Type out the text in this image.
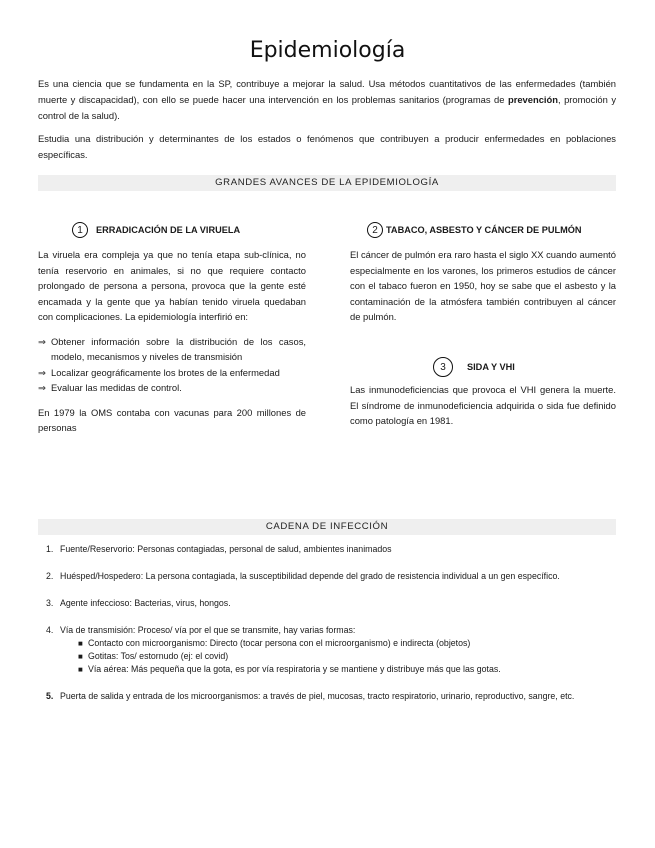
Epidemiología
Es una ciencia que se fundamenta en la SP, contribuye a mejorar la salud. Usa métodos cuantitativos de las enfermedades (también muerte y discapacidad), con ello se puede hacer una intervención en los problemas sanitarios (programas de prevención, promoción y control de la salud).
Estudia una distribución y determinantes de los estados o fenómenos que contribuyen a producir enfermedades en poblaciones específicas.
GRANDES AVANCES DE LA EPIDEMIOLOGÍA
1	ERRADICACIÓN DE LA VIRUELA

La viruela era compleja ya que no tenía etapa sub-clínica, no tenía reservorio en animales, si no que requiere contacto prolongado de persona a persona, provoca que la gente esté encamada y la gente que ya habían tenido viruela quedaban con complicaciones. La epidemiología interfirió en:

⇒ Obtener información sobre la distribución de los casos, modelo, mecanismos y niveles de transmisión
⇒ Localizar geográficamente los brotes de la enfermedad
⇒ Evaluar las medidas de control.

En 1979 la OMS contaba con vacunas para 200 millones de personas

2 TABACO, ASBESTO Y CÁNCER DE PULMÓN
El cáncer de pulmón era raro hasta el siglo XX cuando aumentó especialmente en los varones, los primeros estudios de cáncer con el tabaco fueron en 1950, hoy se sabe que el asbesto y la contaminación de la atmósfera también contribuyen al cáncer de pulmón.
3	SIDA Y VHI
Las inmunodeficiencias que provoca el VHI genera la muerte. El síndrome de inmunodeficiencia adquirida o sida fue definido como patología en 1981.
CADENA DE INFECCIÓN
1. Fuente/Reservorio: Personas contagiadas, personal de salud, ambientes inanimados
2. Huésped/Hospedero: La persona contagiada, la susceptibilidad depende del grado de resistencia individual a un gen específico.
3. Agente infeccioso: Bacterias, virus, hongos.
4. Vía de transmisión: Proceso/ vía por el que se transmite, hay varias formas:
■ Contacto con microorganismo: Directo (tocar persona con el microorganismo) e indirecta (objetos)
■ Gotitas: Tos/ estornudo (ej: el covid)
■ Vía aérea: Más pequeña que la gota, es por vía respiratoria y se mantiene y distribuye más que las gotas.
5. Puerta de salida y entrada de los microorganismos: a través de piel, mucosas, tracto respiratorio, urinario, reproductivo, sangre, etc.
